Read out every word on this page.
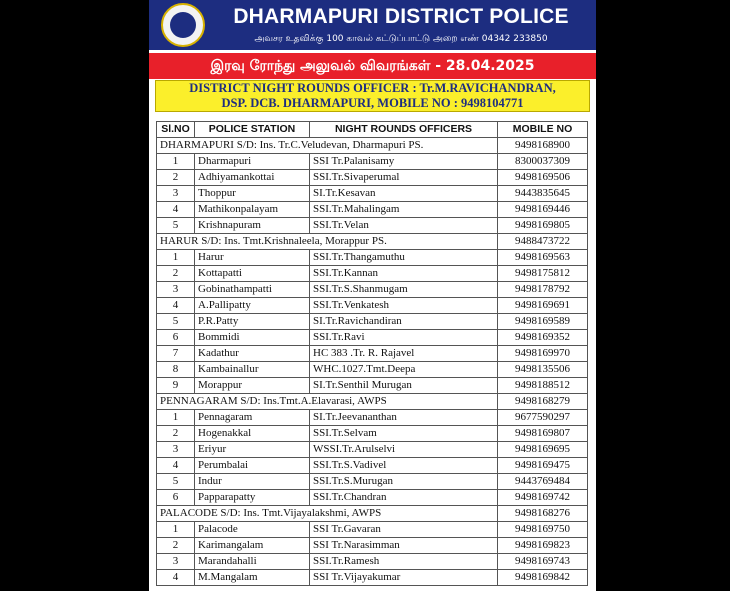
DHARMAPURI DISTRICT POLICE
அவசர உதவிக்கு 100 காவல் கட்டுப்பாட்டு அறை எண் 04342 233850
இரவு ரோந்து அலுவல் விவரங்கள் - 28.04.2025
DISTRICT NIGHT ROUNDS OFFICER : Tr.M.RAVICHANDRAN,
DSP. DCB. DHARMAPURI, MOBILE NO : 9498104771
Sl.NO	POLICE STATION	NIGHT ROUNDS OFFICERS	MOBILE NO
DHARMAPURI S/D: Ins. Tr.C.Veludevan, Dharmapuri PS.			9498168900
1	Dharmapuri	SSI Tr.Palanisamy	8300037309
2	Adhiyamankottai	SSI.Tr.Sivaperumal	9498169506
3	Thoppur	SI.Tr.Kesavan	9443835645
4	Mathikonpalayam	SSI.Tr.Mahalingam	9498169446
5	Krishnapuram	SSI.Tr.Velan	9498169805
HARUR S/D: Ins. Tmt.Krishnaleela, Morappur PS.			9488473722
1	Harur	SSI.Tr.Thangamuthu	9498169563
2	Kottapatti	SSI.Tr.Kannan	9498175812
3	Gobinathampatti	SSI.Tr.S.Shanmugam	9498178792
4	A.Pallipatty	SSI.Tr.Venkatesh	9498169691
5	P.R.Patty	SI.Tr.Ravichandiran	9498169589
6	Bommidi	SSI.Tr.Ravi	9498169352
7	Kadathur	HC 383 .Tr. R. Rajavel	9498169970
8	Kambainallur	WHC.1027.Tmt.Deepa	9498135506
9	Morappur	SI.Tr.Senthil Murugan	9498188512
PENNAGARAM S/D: Ins.Tmt.A.Elavarasi, AWPS			9498168279
1	Pennagaram	SI.Tr.Jeevananthan	9677590297
2	Hogenakkal	SSI.Tr.Selvam	9498169807
3	Eriyur	WSSI.Tr.Arulselvi	9498169695
4	Perumbalai	SSI.Tr.S.Vadivel	9498169475
5	Indur	SSI.Tr.S.Murugan	9443769484
6	Papparapatty	SSI.Tr.Chandran	9498169742
PALACODE S/D: Ins. Tmt.Vijayalakshmi, AWPS			9498168276
1	Palacode	SSI Tr.Gavaran	9498169750
2	Karimangalam	SSI Tr.Narasimman	9498169823
3	Marandahalli	SSI.Tr.Ramesh	9498169743
4	M.Mangalam	SSI Tr.Vijayakumar	9498169842
